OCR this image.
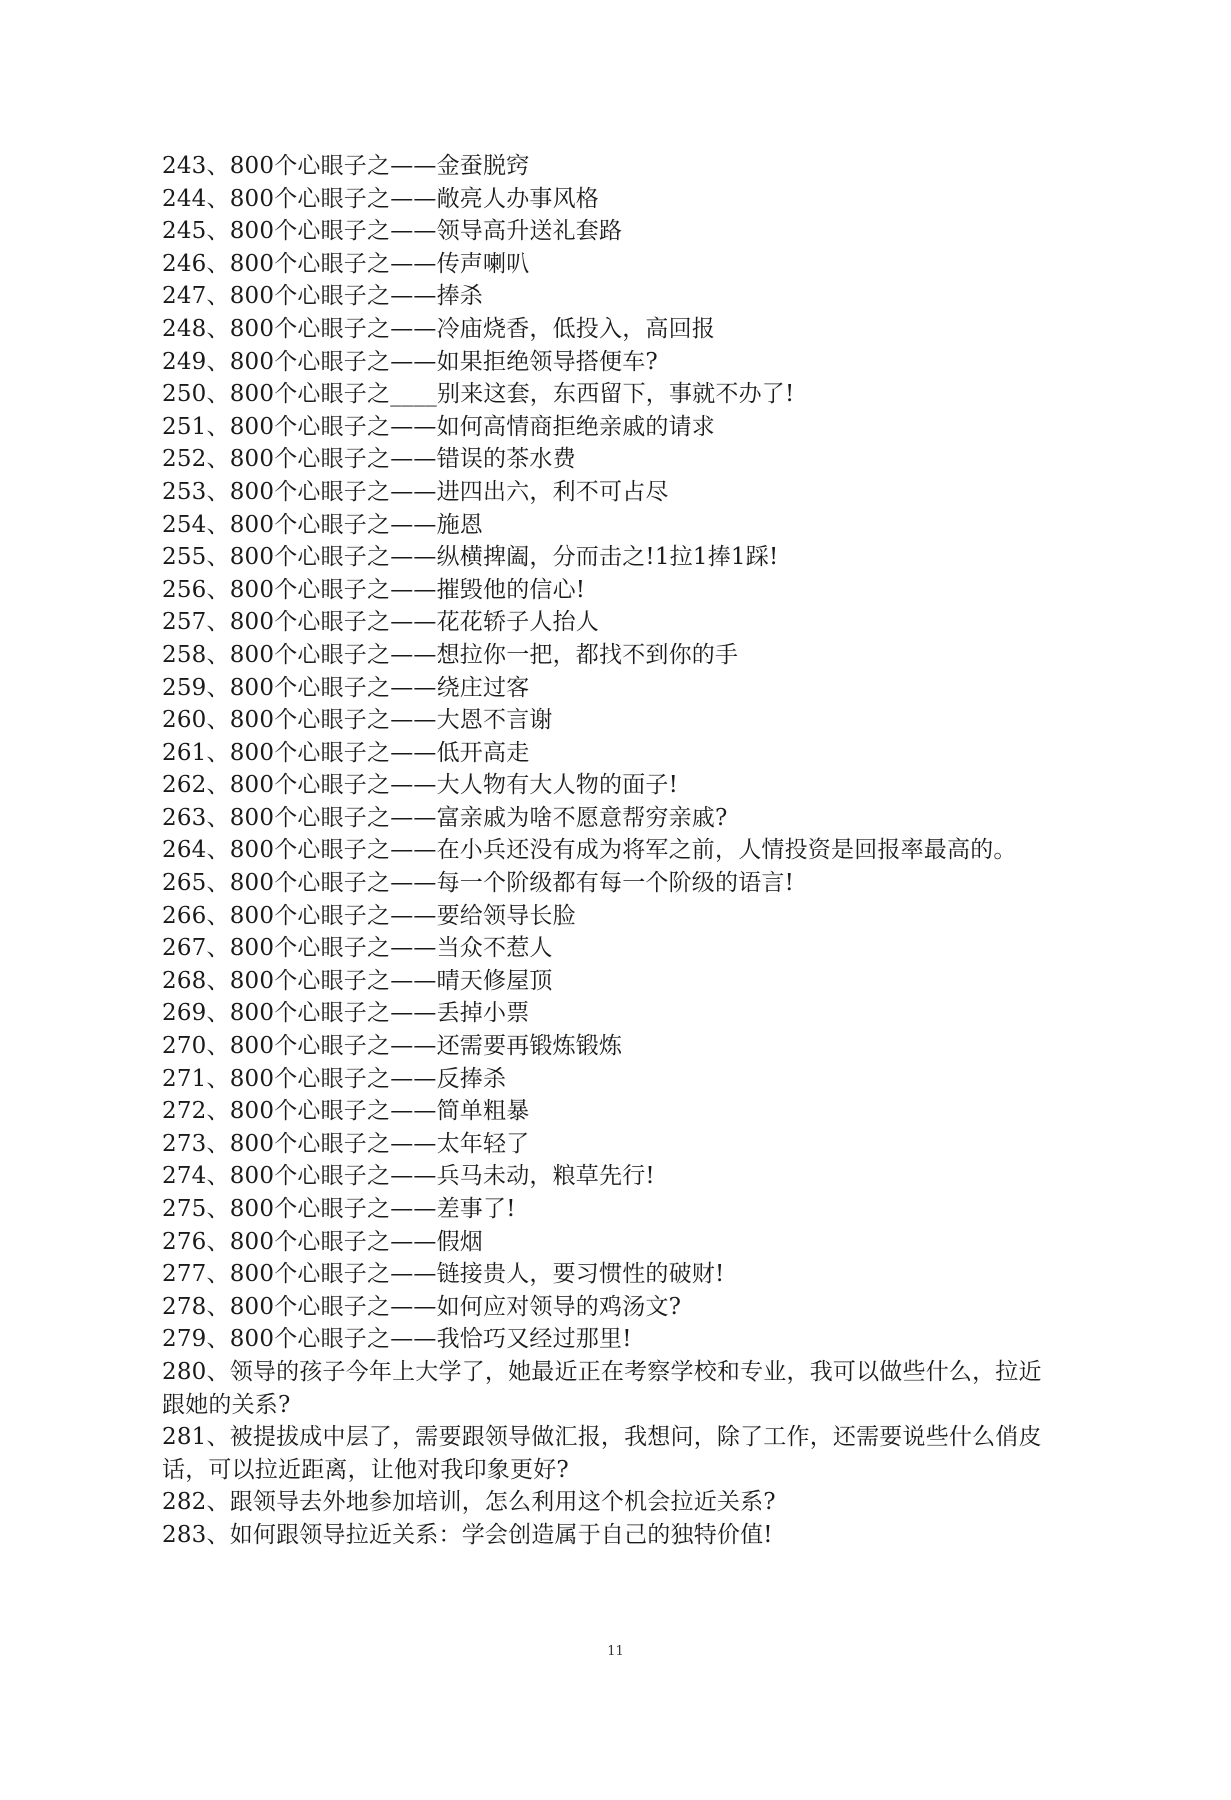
243、800个心眼子之——金蚕脱窍
244、800个心眼子之——敞亮人办事风格
245、800个心眼子之——领导高升送礼套路
246、800个心眼子之——传声喇叭
247、800个心眼子之——捧杀
248、800个心眼子之——冷庙烧香，低投入，高回报
249、800个心眼子之——如果拒绝领导搭便车?
250、800个心眼子之____别来这套，东西留下，事就不办了!
251、800个心眼子之——如何高情商拒绝亲戚的请求
252、800个心眼子之——错误的茶水费
253、800个心眼子之——进四出六，利不可占尽
254、800个心眼子之——施恩
255、800个心眼子之——纵横捭阖，分而击之!1拉1捧1踩!
256、800个心眼子之——摧毁他的信心!
257、800个心眼子之——花花轿子人抬人
258、800个心眼子之——想拉你一把，都找不到你的手
259、800个心眼子之——绕庄过客
260、800个心眼子之——大恩不言谢
261、800个心眼子之——低开高走
262、800个心眼子之——大人物有大人物的面子!
263、800个心眼子之——富亲戚为啥不愿意帮穷亲戚?
264、800个心眼子之——在小兵还没有成为将军之前，人情投资是回报率最高的。
265、800个心眼子之——每一个阶级都有每一个阶级的语言!
266、800个心眼子之——要给领导长脸
267、800个心眼子之——当众不惹人
268、800个心眼子之——晴天修屋顶
269、800个心眼子之——丢掉小票
270、800个心眼子之——还需要再锻炼锻炼
271、800个心眼子之——反捧杀
272、800个心眼子之——简单粗暴
273、800个心眼子之——太年轻了
274、800个心眼子之——兵马未动，粮草先行!
275、800个心眼子之——差事了!
276、800个心眼子之——假烟
277、800个心眼子之——链接贵人，要习惯性的破财!
278、800个心眼子之——如何应对领导的鸡汤文?
279、800个心眼子之——我恰巧又经过那里!
280、领导的孩子今年上大学了，她最近正在考察学校和专业，我可以做些什么，拉近跟她的关系?
281、被提拔成中层了，需要跟领导做汇报，我想问，除了工作，还需要说些什么俏皮话，可以拉近距离，让他对我印象更好?
282、跟领导去外地参加培训，怎么利用这个机会拉近关系?
283、如何跟领导拉近关系：学会创造属于自己的独特价值!
11
